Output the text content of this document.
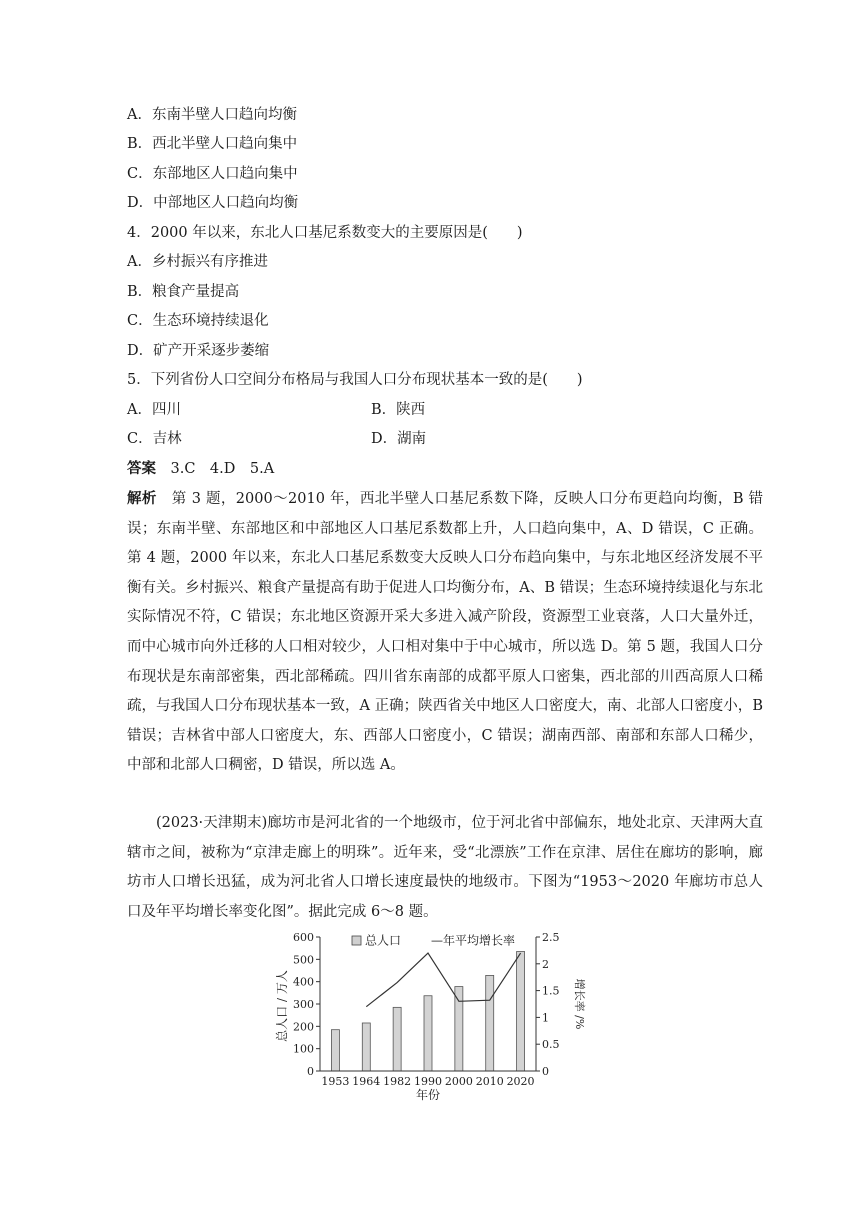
A．东南半壁人口趋向均衡
B．西北半壁人口趋向集中
C．东部地区人口趋向集中
D．中部地区人口趋向均衡
4．2000 年以来，东北人口基尼系数变大的主要原因是(　　)
A．乡村振兴有序推进
B．粮食产量提高
C．生态环境持续退化
D．矿产开采逐步萎缩
5．下列省份人口空间分布格局与我国人口分布现状基本一致的是(　　)
A．四川	B．陕西
C．吉林	D．湖南
答案　 3.C　4.D　5.A
解析　 第 3 题，2000～2010 年，西北半壁人口基尼系数下降，反映人口分布更趋向均衡，B 错误；东南半壁、东部地区和中部地区人口基尼系数都上升，人口趋向集中，A、D 错误，C 正确。第 4 题，2000 年以来，东北人口基尼系数变大反映人口分布趋向集中，与东北地区经济发展不平衡有关。乡村振兴、粮食产量提高有助于促进人口均衡分布，A、B 错误；生态环境持续退化与东北实际情况不符，C 错误；东北地区资源开采大多进入减产阶段，资源型工业衰落，人口大量外迁，而中心城市向外迁移的人口相对较少，人口相对集中于中心城市，所以选 D。第 5 题，我国人口分布现状是东南部密集，西北部稀疏。四川省东南部的成都平原人口密集，西北部的川西高原人口稀疏，与我国人口分布现状基本一致，A 正确；陕西省关中地区人口密度大，南、北部人口密度小，B 错误；吉林省中部人口密度大，东、西部人口密度小，C 错误；湖南西部、南部和东部人口稀少，中部和北部人口稠密，D 错误，所以选 A。
(2023·天津期末)廊坊市是河北省的一个地级市，位于河北省中部偏东，地处北京、天津两大直辖市之间，被称为“京津走廊上的明珠”。近年来，受“北漂族”工作在京津、居住在廊坊的影响，廊坊市人口增长迅猛，成为河北省人口增长速度最快的地级市。下图为“1953～2020 年廊坊市总人口及年平均增长率变化图”。据此完成 6～8 题。
0
100
200
300
400
500
600
0
0.5
1
1.5
2
2.5
1953 1964 1982 1990 2000 2010 2020
总人口 —年平均增长率
总人口 / 万人	增长率 /%
年份
